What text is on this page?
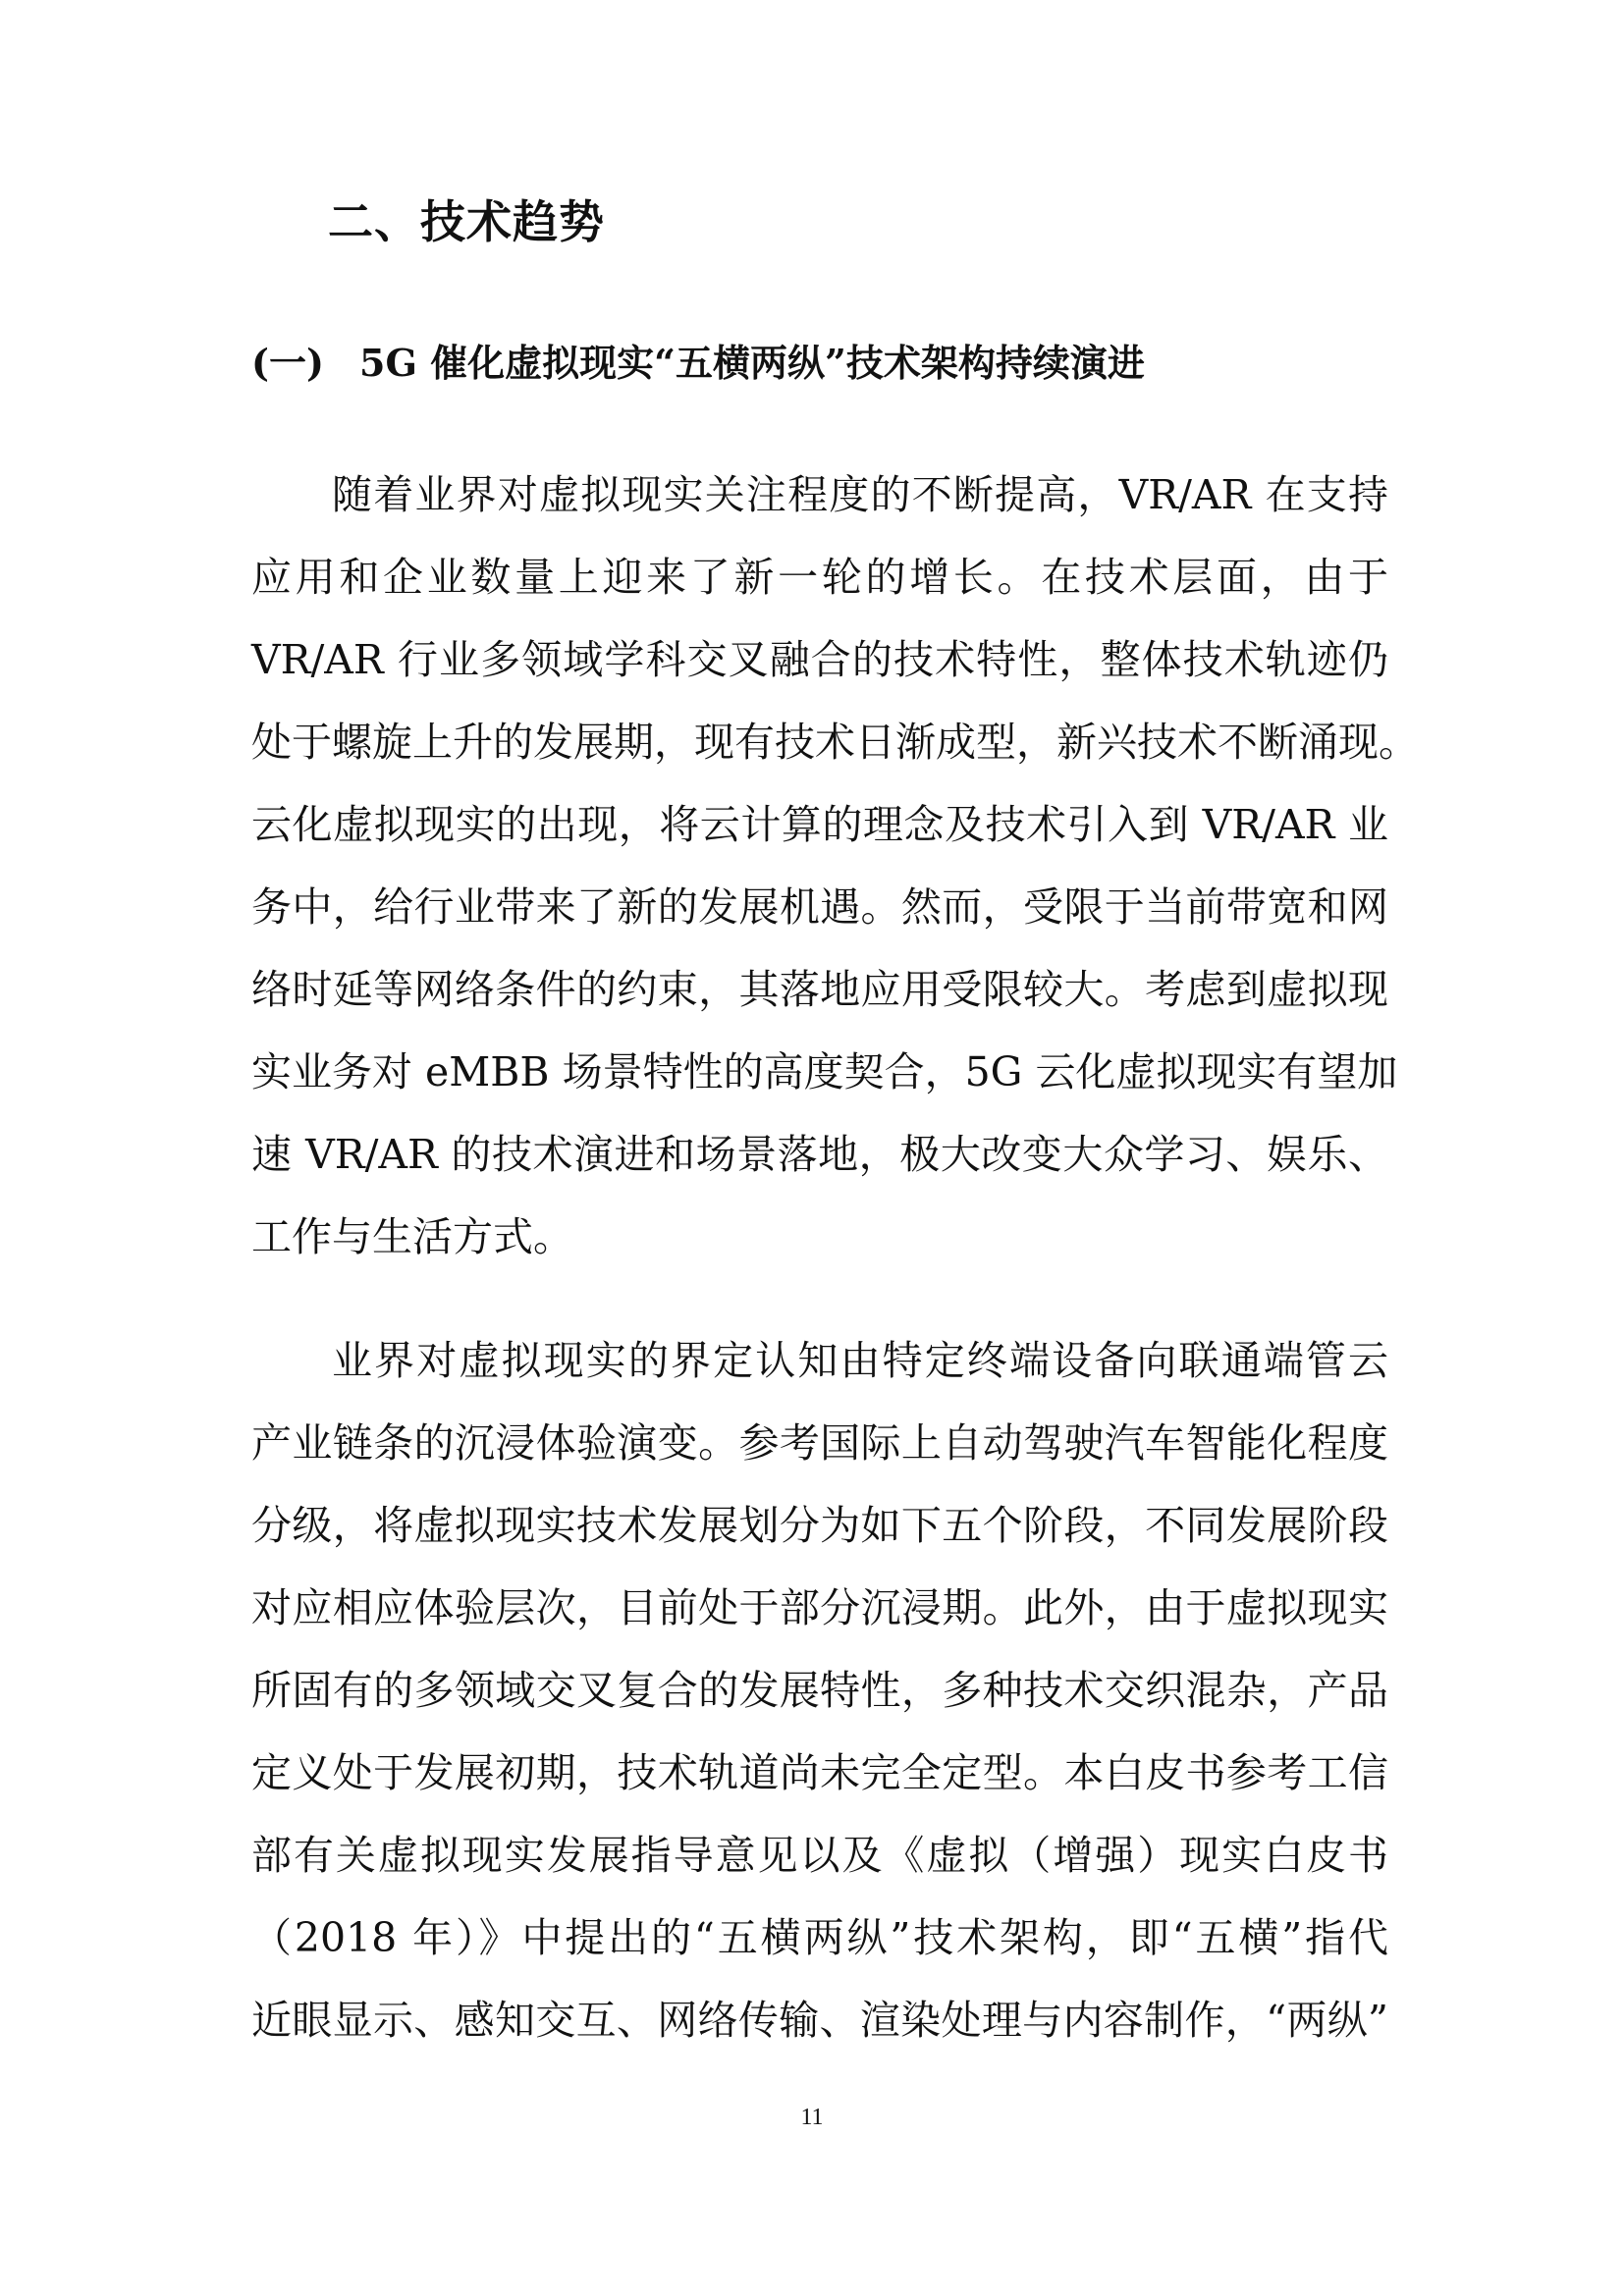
二、技术趋势
(一) 5G 催化虚拟现实“五横两纵”技术架构持续演进
随着业界对虚拟现实关注程度的不断提高，VR/AR 在支持
应用和企业数量上迎来了新一轮的增长。在技术层面，由于
VR/AR 行业多领域学科交叉融合的技术特性，整体技术轨迹仍
处于螺旋上升的发展期，现有技术日渐成型，新兴技术不断涌现。
云化虚拟现实的出现，将云计算的理念及技术引入到 VR/AR 业
务中，给行业带来了新的发展机遇。然而，受限于当前带宽和网
络时延等网络条件的约束，其落地应用受限较大。考虑到虚拟现
实业务对 eMBB 场景特性的高度契合，5G 云化虚拟现实有望加
速 VR/AR 的技术演进和场景落地，极大改变大众学习、娱乐、
工作与生活方式。
业界对虚拟现实的界定认知由特定终端设备向联通端管云
产业链条的沉浸体验演变。参考国际上自动驾驶汽车智能化程度
分级，将虚拟现实技术发展划分为如下五个阶段，不同发展阶段
对应相应体验层次，目前处于部分沉浸期。此外，由于虚拟现实
所固有的多领域交叉复合的发展特性，多种技术交织混杂，产品
定义处于发展初期，技术轨道尚未完全定型。本白皮书参考工信
部有关虚拟现实发展指导意见以及《虚拟（增强）现实白皮书
（2018 年）》中提出的“五横两纵”技术架构，即“五横”指代
近眼显示、感知交互、网络传输、渲染处理与内容制作，“两纵”
11
